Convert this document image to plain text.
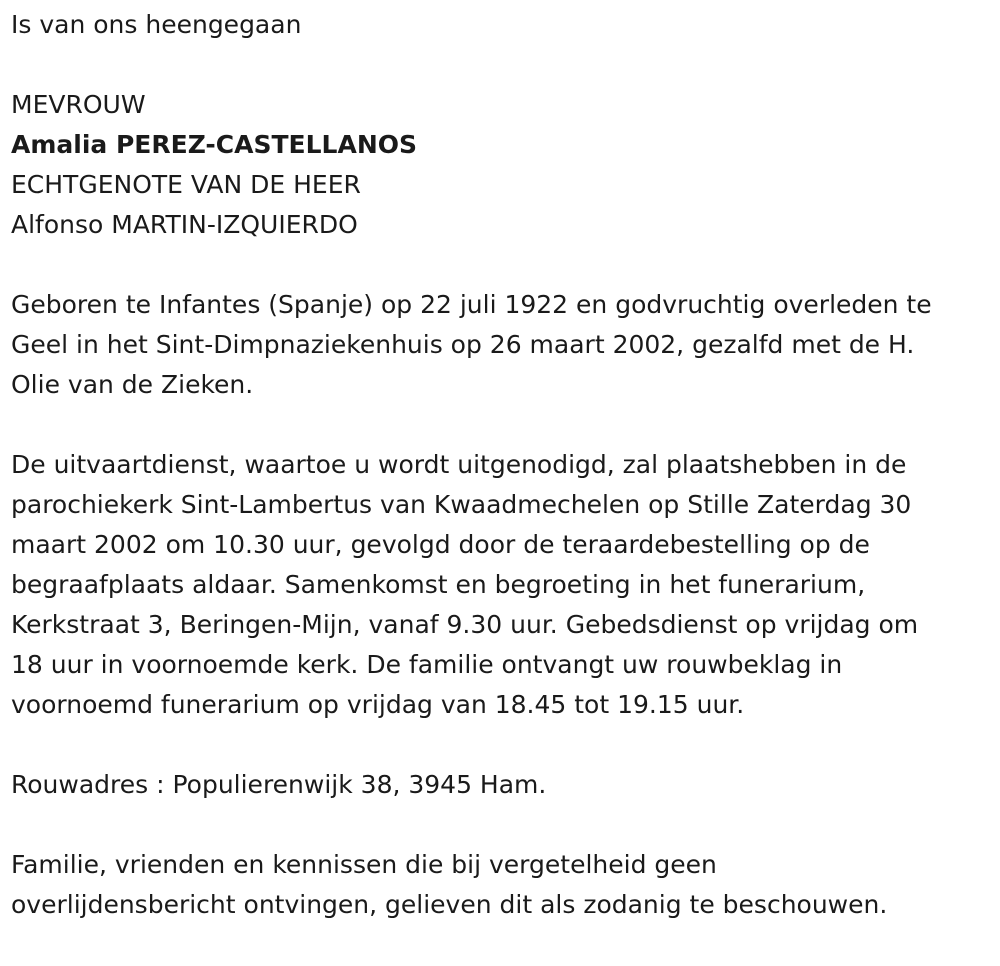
Is van ons heengegaan

MEVROUW

Amalia PEREZ-CASTELLANOS

ECHTGENOTE VAN DE HEER

Alfonso MARTIN-IZQUIERDO

Geboren te Infantes (Spanje) op 22 juli 1922 en godvruchtig overleden te

Geel in het Sint-Dimpnaziekenhuis op 26 maart 2002, gezalfd met de H.

Olie van de Zieken.

De uitvaartdienst, waartoe u wordt uitgenodigd, zal plaatshebben in de

parochiekerk Sint-Lambertus van Kwaadmechelen op Stille Zaterdag 30

maart 2002 om 10.30 uur, gevolgd door de teraardebestelling op de

begraafplaats aldaar. Samenkomst en begroeting in het funerarium,

Kerkstraat 3, Beringen-Mijn, vanaf 9.30 uur. Gebedsdienst op vrijdag om

18 uur in voornoemde kerk. De familie ontvangt uw rouwbeklag in

voornoemd funerarium op vrijdag van 18.45 tot 19.15 uur.

Rouwadres : Populierenwijk 38, 3945 Ham.

Familie, vrienden en kennissen die bij vergetelheid geen

overlijdensbericht ontvingen, gelieven dit als zodanig te beschouwen.
